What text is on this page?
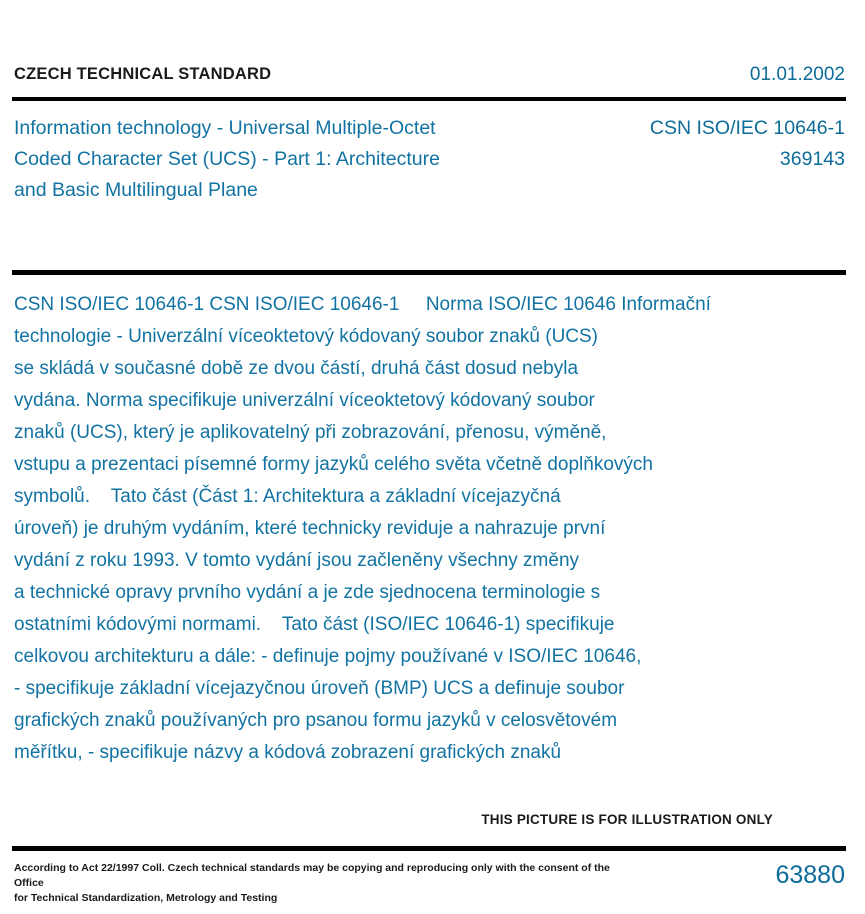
CZECH TECHNICAL STANDARD	01.01.2002
Information technology - Universal Multiple-Octet
Coded Character Set (UCS) - Part 1: Architecture
and Basic Multilingual Plane
CSN ISO/IEC 10646-1
369143
CSN ISO/IEC 10646-1 CSN ISO/IEC 10646-1     Norma ISO/IEC 10646 Informační
technologie - Univerzální víceoktetový kódovaný soubor znaků (UCS)
se skládá v současné době ze dvou částí, druhá část dosud nebyla
vydána. Norma specifikuje univerzální víceoktetový kódovaný soubor
znaků (UCS), který je aplikovatelný při zobrazování, přenosu, výměně,
vstupu a prezentaci písemné formy jazyků celého světa včetně doplňkových
symbolů.    Tato část (Část 1: Architektura a základní vícejazyčná
úroveň) je druhým vydáním, které technicky reviduje a nahrazuje první
vydání z roku 1993. V tomto vydání jsou začleněny všechny změny
a technické opravy prvního vydání a je zde sjednocena terminologie s
ostatními kódovými normami.    Tato část (ISO/IEC 10646-1) specifikuje
celkovou architekturu a dále: - definuje pojmy používané v ISO/IEC 10646,
- specifikuje základní vícejazyčnou úroveň (BMP) UCS a definuje soubor
grafických znaků používaných pro psanou formu jazyků v celosvětovém
měřítku, - specifikuje názvy a kódová zobrazení grafických znaků
THIS PICTURE IS FOR ILLUSTRATION ONLY
According to Act 22/1997 Coll. Czech technical standards may be copying and reproducing only with the consent of the Office
for Technical Standardization, Metrology and Testing
63880
